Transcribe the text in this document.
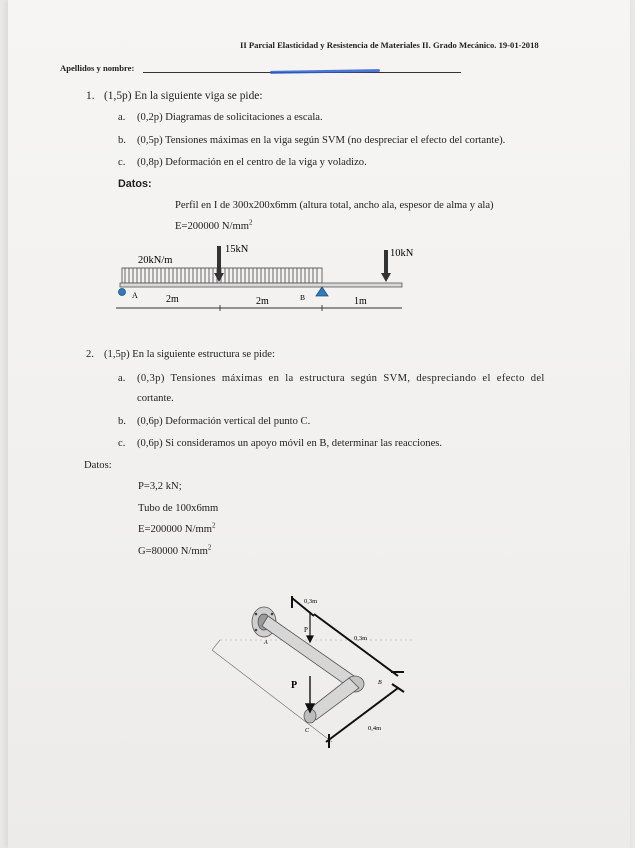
II Parcial Elasticidad y Resistencia de Materiales II. Grado Mecánico. 19-01-2018
Apellidos y nombre:
1. (1,5p) En la siguiente viga se pide:
a. (0,2p) Diagramas de solicitaciones a escala.
b. (0,5p) Tensiones máximas en la viga según SVM (no despreciar el efecto del cortante).
c. (0,8p) Deformación en el centro de la viga y voladizo.
Datos:
Perfil en I de 300x200x6mm (altura total, ancho ala, espesor de alma y ala)
E=200000 $N/mm^2$
20kN/m
15kN	10kN
A	B
2m	2m	1m
2. (1,5p) En la siguiente estructura se pide:
a. (0,3p) Tensiones máximas en la estructura según SVM, despreciando el efecto del
cortante.
b. (0,6p) Deformación vertical del punto C.
c. (0,6p) Si consideramos un apoyo móvil en B, determinar las reacciones.
Datos:
P=3,2 kN;
Tubo de 100x6mm
E=200000 $N/mm^2$
G=80000 $N/mm^2$
P
P
0,3m
0,3m
0,4m
A
B
C
